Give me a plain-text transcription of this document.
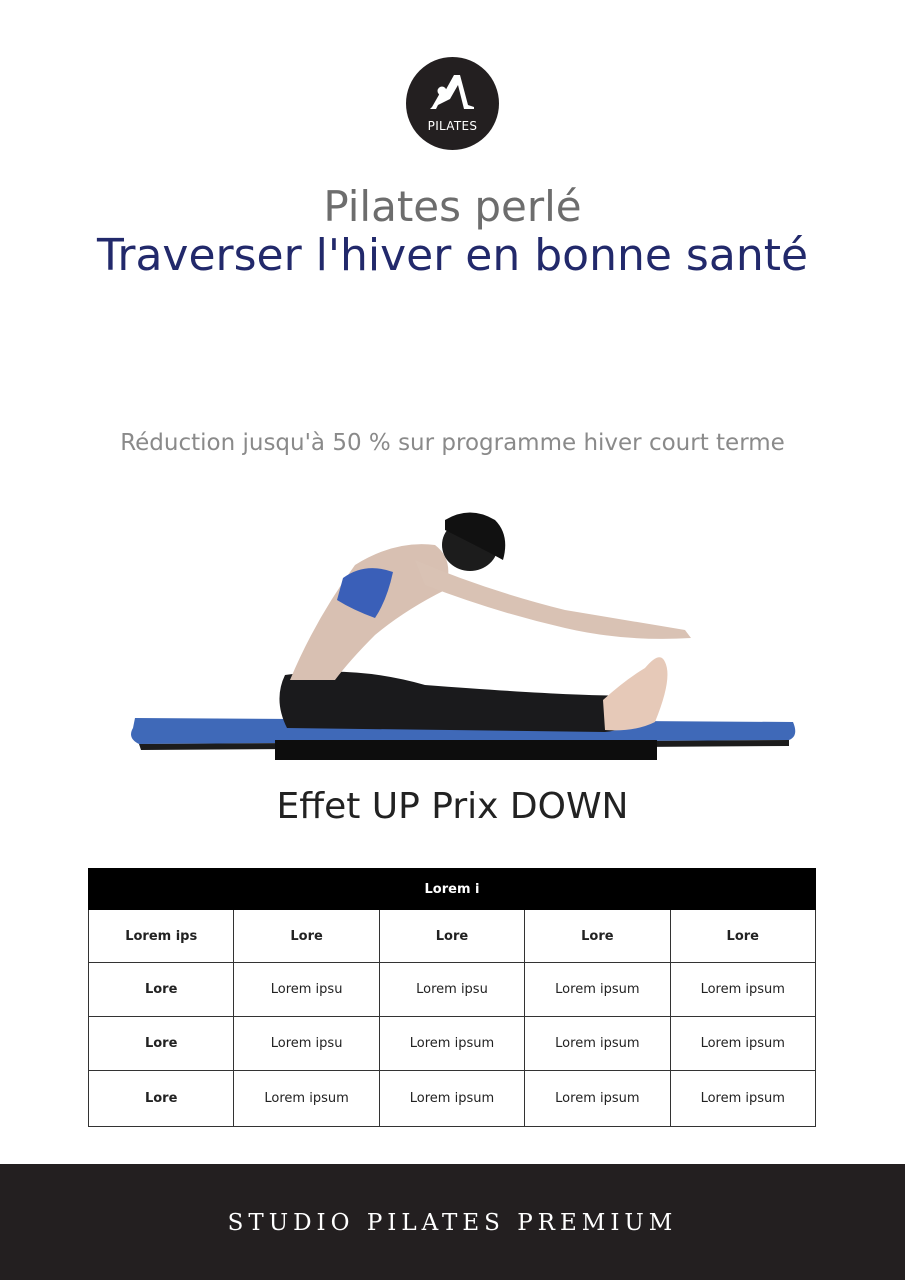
PILATES
Pilates perlé
Traverser l'hiver en bonne santé
Réduction jusqu'à 50 % sur programme hiver court terme
Effet UP Prix DOWN
Lorem i				
Lorem ips	Lore	Lore	Lore	Lore
Lore	Lorem ipsu	Lorem ipsu	Lorem ipsum	Lorem ipsum
Lore	Lorem ipsu	Lorem ipsum	Lorem ipsum	Lorem ipsum
Lore	Lorem ipsum	Lorem ipsum	Lorem ipsum	Lorem ipsum
STUDIO PILATES PREMIUM
